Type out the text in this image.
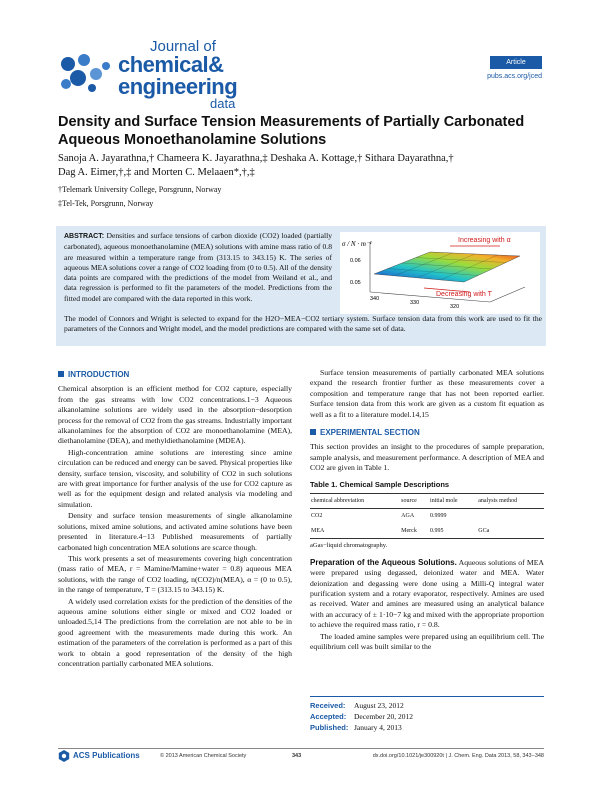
Journal of
chemical&
engineering
data
Article
pubs.acs.org/jced
Density and Surface Tension Measurements of Partially Carbonated Aqueous Monoethanolamine Solutions
Sanoja A. Jayarathna,† Chameera K. Jayarathna,‡ Deshaka A. Kottage,† Sithara Dayarathna,†
Dag A. Eimer,†,‡ and Morten C. Melaaen*,†,‡
†Telemark University College, Porsgrunn, Norway
‡Tel-Tek, Porsgrunn, Norway
ABSTRACT: Densities and surface tensions of carbon dioxide (CO2) loaded (partially carbonated), aqueous monoethanolamine (MEA) solutions with amine mass ratio of 0.8 are measured within a temperature range from (313.15 to 343.15) K. The series of aqueous MEA solutions cover a range of CO2 loading from (0 to 0.5). All of the density data points are compared with the predictions of the model from Weiland et al., and data regression is performed to fit the parameters of the model. Predictions from the fitted model are compared with the data reported in this work.
The model of Connors and Wright is selected to expand for the H2O−MEA−CO2 tertiary system. Surface tension data from this work are used to fit the parameters of the Connors and Wright model, and the model predictions are compared with the same set of data.
σ / N · m⁻¹
0.06
0.05
340
330
320
Increasing with α
Decreasing with T
INTRODUCTION

Chemical absorption is an efficient method for CO2 capture, especially from the gas streams with low CO2 concentrations.1−3 Aqueous alkanolamine solutions are widely used in the absorption−desorption process for the removal of CO2 from the gas streams. Industrially important alkanolamines for the absorption of CO2 are monoethanolamine (MEA), diethanolamine (DEA), and methyldiethanolamine (MDEA).

High-concentration amine solutions are interesting since amine circulation can be reduced and energy can be saved. Physical properties like density, surface tension, viscosity, and solubility of CO2 in such solutions are with great importance for further analysis of the use for CO2 capture as well as for the equipment design and related analysis via modeling and simulation.

Density and surface tension measurements of single alkanolamine solutions, mixed amine solutions, and activated amine solutions have been presented in literature.4−13 Published measurements of partially carbonated high concentration MEA solutions are scarce though.

This work presents a set of measurements covering high concentration (mass ratio of MEA, r = Mamine/Mamine+water = 0.8) aqueous MEA solutions, with the range of CO2 loading, n(CO2)/n(MEA), α = (0 to 0.5), in the range of temperature, T = (313.15 to 343.15) K.

A widely used correlation exists for the prediction of the densities of the aqueous amine solutions either single or mixed and CO2 loaded or unloaded.5,14 The predictions from the correlation are not able to be in good agreement with the measurements made during this work. An estimation of the parameters of the correlation is performed as a part of this work to obtain a good representation of the density of the high concentration partially carbonated MEA solutions.

Surface tension measurements of partially carbonated MEA solutions expand the research frontier further as these measurements cover a composition and temperature range that has not been reported earlier. Surface tension data from this work are given as a custom fit equation as well as a fit to a literature model.14,15

EXPERIMENTAL SECTION

This section provides an insight to the procedures of sample preparation, sample analysis, and measurement performance. A description of MEA and CO2 are given in Table 1.

Table 1. Chemical Sample Descriptions
chemical abbreviation	source	initial mole	analysis method
CO2	AGA	0.9999	
MEA	Merck	0.995	GCa
aGas−liquid chromatography.

Preparation of the Aqueous Solutions. Aqueous solutions of MEA were prepared using degassed, deionized water and MEA. Water deionization and degassing were done using a Milli-Q integral water purification system and a rotary evaporator, respectively. Amines are used as received. Water and amines are measured using an analytical balance with an accuracy of ± 1·10−7 kg and mixed with the appropriate proportion to achieve the required mass ratio, r = 0.8.

The loaded amine samples were prepared using an equilibrium cell. The equilibrium cell was built similar to the

Received: August 23, 2012
Accepted: December 20, 2012
Published: January 4, 2013
ACS Publications	© 2013 American Chemical Society	343	dx.doi.org/10.1021/je300920t | J. Chem. Eng. Data 2013, 58, 343−348
